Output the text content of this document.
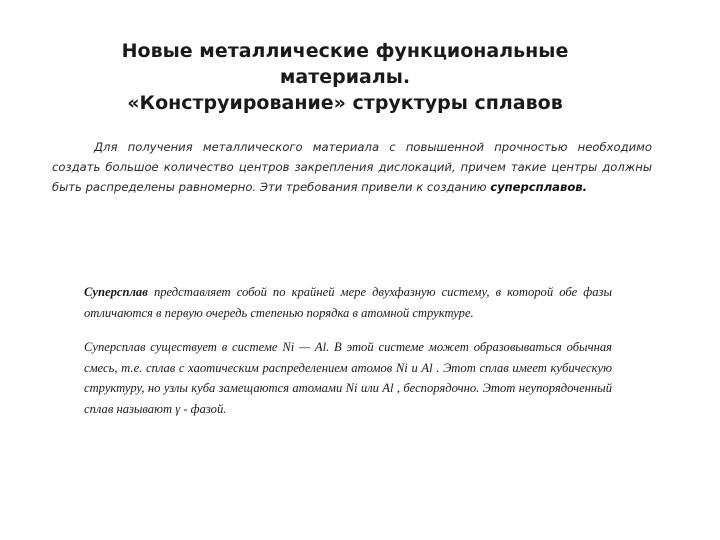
Новые металлические функциональные
материалы.
«Конструирование» структуры сплавов
Для получения металлического материала с повышенной прочностью необходимо создать большое количество центров закрепления дислокаций, причем такие центры должны быть распределены равномерно. Эти требования привели к созданию суперсплавов.

Суперсплав представляет собой по крайней мере двухфазную систему, в которой обе фазы отличаются в первую очередь степенью порядка в атомной структуре.

Суперсплав существует в системе Ni — Al. В этой системе может образовываться обычная смесь, т.е. сплав с хаотическим распределением атомов Ni и Al . Этот сплав имеет кубическую структуру, но узлы куба замещаются атомами Ni или Al , беспорядочно. Этот неупорядоченный сплав называют γ - фазой.
